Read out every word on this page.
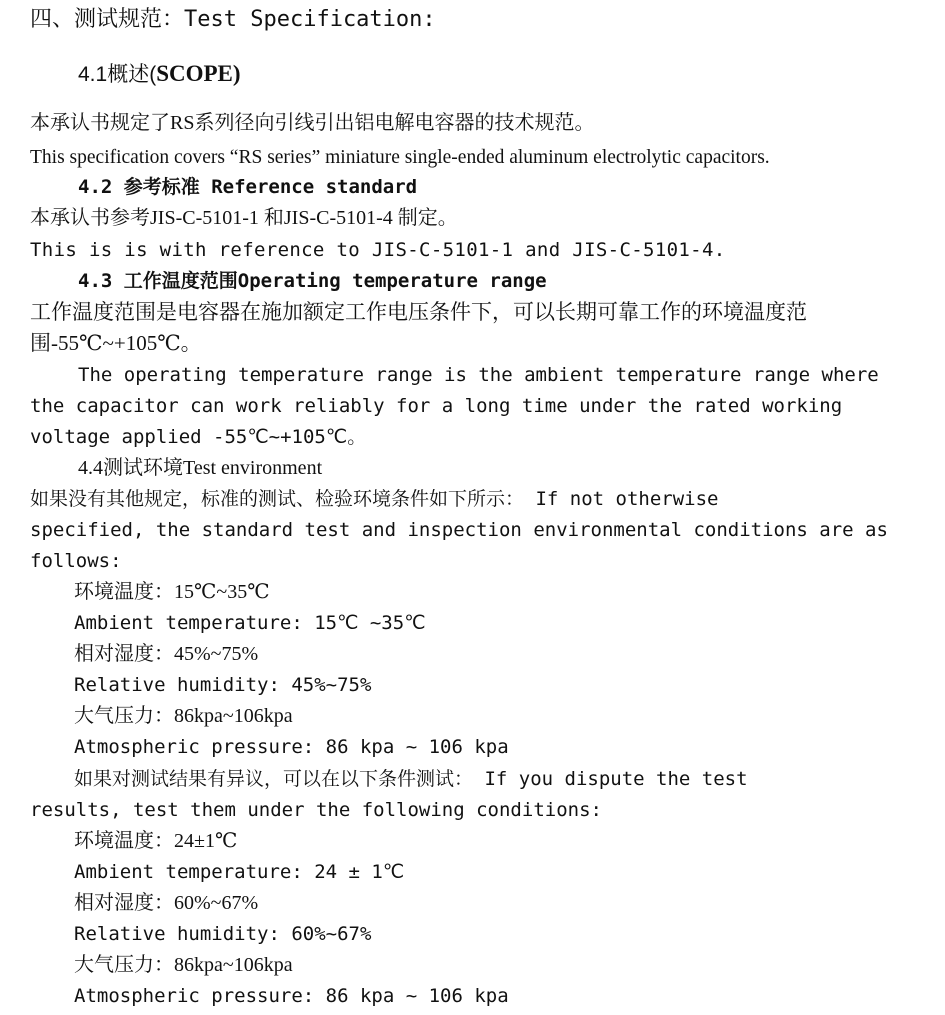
四、测试规范：Test Specification:
4.1概述(SCOPE)
本承认书规定了RS系列径向引线引出铝电解电容器的技术规范。
This specification covers “RS series” miniature single-ended aluminum electrolytic capacitors.
4.2 参考标准 Reference standard
本承认书参考JIS-C-5101-1 和JIS-C-5101-4 制定。
This is is with reference to JIS-C-5101-1 and JIS-C-5101-4.
4.3 工作温度范围Operating temperature range
工作温度范围是电容器在施加额定工作电压条件下，可以长期可靠工作的环境温度范
围-55℃~+105℃。
The operating temperature range is the ambient temperature range where
the capacitor can work reliably for a long time under the rated working
voltage applied -55℃~+105℃。
4.4测试环境Test environment
如果没有其他规定，标准的测试、检验环境条件如下所示： If not otherwise
specified, the standard test and inspection environmental conditions are as
follows:
环境温度：15℃~35℃
Ambient temperature: 15℃ ~35℃
相对湿度：45%~75%
Relative humidity: 45%~75%
大气压力：86kpa~106kpa
Atmospheric pressure: 86 kpa ~ 106 kpa
如果对测试结果有异议，可以在以下条件测试： If you dispute the test
results, test them under the following conditions:
环境温度：24±1℃
Ambient temperature: 24 ± 1℃
相对湿度：60%~67%
Relative humidity: 60%~67%
大气压力：86kpa~106kpa
Atmospheric pressure: 86 kpa ~ 106 kpa
